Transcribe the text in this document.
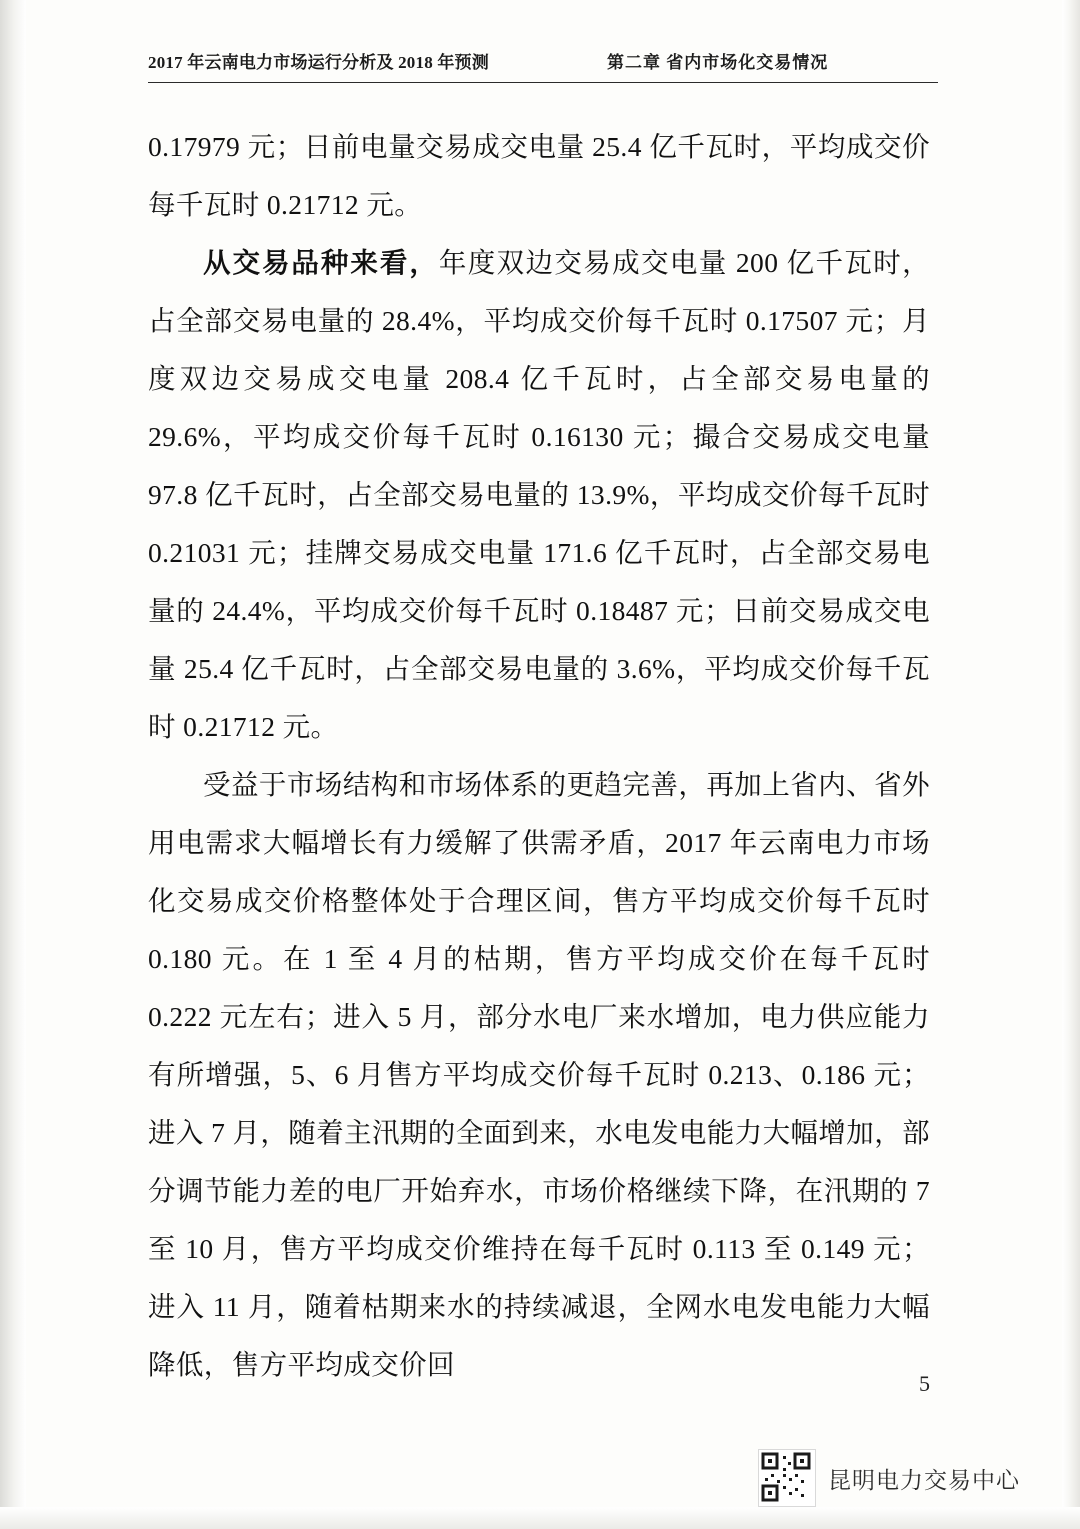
2017 年云南电力市场运行分析及 2018 年预测	第二章 省内市场化交易情况

0.17979 元；日前电量交易成交电量 25.4 亿千瓦时，平均成交价每千瓦时 0.21712 元。

从交易品种来看，年度双边交易成交电量 200 亿千瓦时，占全部交易电量的 28.4%，平均成交价每千瓦时 0.17507 元；月度双边交易成交电量 208.4 亿千瓦时，占全部交易电量的 29.6%，平均成交价每千瓦时 0.16130 元；撮合交易成交电量 97.8 亿千瓦时，占全部交易电量的 13.9%，平均成交价每千瓦时 0.21031 元；挂牌交易成交电量 171.6 亿千瓦时，占全部交易电量的 24.4%，平均成交价每千瓦时 0.18487 元；日前交易成交电量 25.4 亿千瓦时，占全部交易电量的 3.6%，平均成交价每千瓦时 0.21712 元。

受益于市场结构和市场体系的更趋完善，再加上省内、省外用电需求大幅增长有力缓解了供需矛盾，2017 年云南电力市场化交易成交价格整体处于合理区间，售方平均成交价每千瓦时 0.180 元。在 1 至 4 月的枯期，售方平均成交价在每千瓦时 0.222 元左右；进入 5 月，部分水电厂来水增加，电力供应能力有所增强，5、6 月售方平均成交价每千瓦时 0.213、0.186 元；进入 7 月，随着主汛期的全面到来，水电发电能力大幅增加，部分调节能力差的电厂开始弃水，市场价格继续下降，在汛期的 7 至 10 月，售方平均成交价维持在每千瓦时 0.113 至 0.149 元；进入 11 月，随着枯期来水的持续减退，全网水电发电能力大幅降低，售方平均成交价回

5
昆明电力交易中心
